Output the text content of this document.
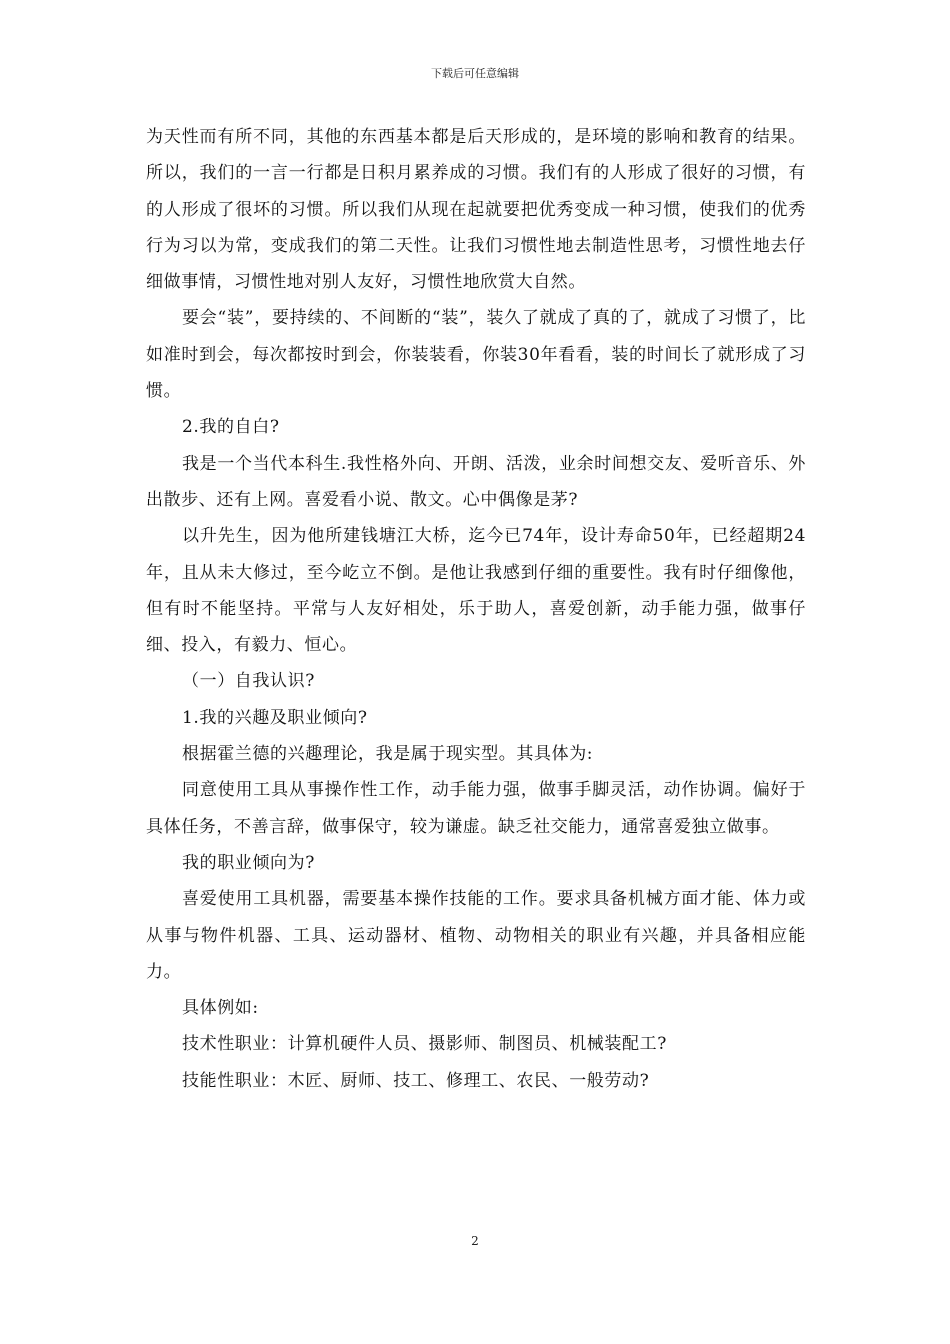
下载后可任意编辑

为天性而有所不同，其他的东西基本都是后天形成的，是环境的影响和教育的结果。所以，我们的一言一行都是日积月累养成的习惯。我们有的人形成了很好的习惯，有的人形成了很坏的习惯。所以我们从现在起就要把优秀变成一种习惯，使我们的优秀行为习以为常，变成我们的第二天性。让我们习惯性地去制造性思考，习惯性地去仔细做事情，习惯性地对别人友好，习惯性地欣赏大自然。

要会“装”，要持续的、不间断的“装”，装久了就成了真的了，就成了习惯了，比如准时到会，每次都按时到会，你装装看，你装30年看看，装的时间长了就形成了习惯。

2.我的自白?

我是一个当代本科生.我性格外向、开朗、活泼，业余时间想交友、爱听音乐、外出散步、还有上网。喜爱看小说、散文。心中偶像是茅?

以升先生，因为他所建钱塘江大桥，迄今已74年，设计寿命50年，已经超期24年，且从未大修过，至今屹立不倒。是他让我感到仔细的重要性。我有时仔细像他，但有时不能坚持。平常与人友好相处，乐于助人，喜爱创新，动手能力强，做事仔细、投入，有毅力、恒心。

（一）自我认识?

1.我的兴趣及职业倾向?

根据霍兰德的兴趣理论，我是属于现实型。其具体为:

同意使用工具从事操作性工作，动手能力强，做事手脚灵活，动作协调。偏好于具体任务，不善言辞，做事保守，较为谦虚。缺乏社交能力，通常喜爱独立做事。

我的职业倾向为?

喜爱使用工具机器，需要基本操作技能的工作。要求具备机械方面才能、体力或从事与物件机器、工具、运动器材、植物、动物相关的职业有兴趣，并具备相应能力。

具体例如:

技术性职业：计算机硬件人员、摄影师、制图员、机械装配工?

技能性职业：木匠、厨师、技工、修理工、农民、一般劳动?

2
